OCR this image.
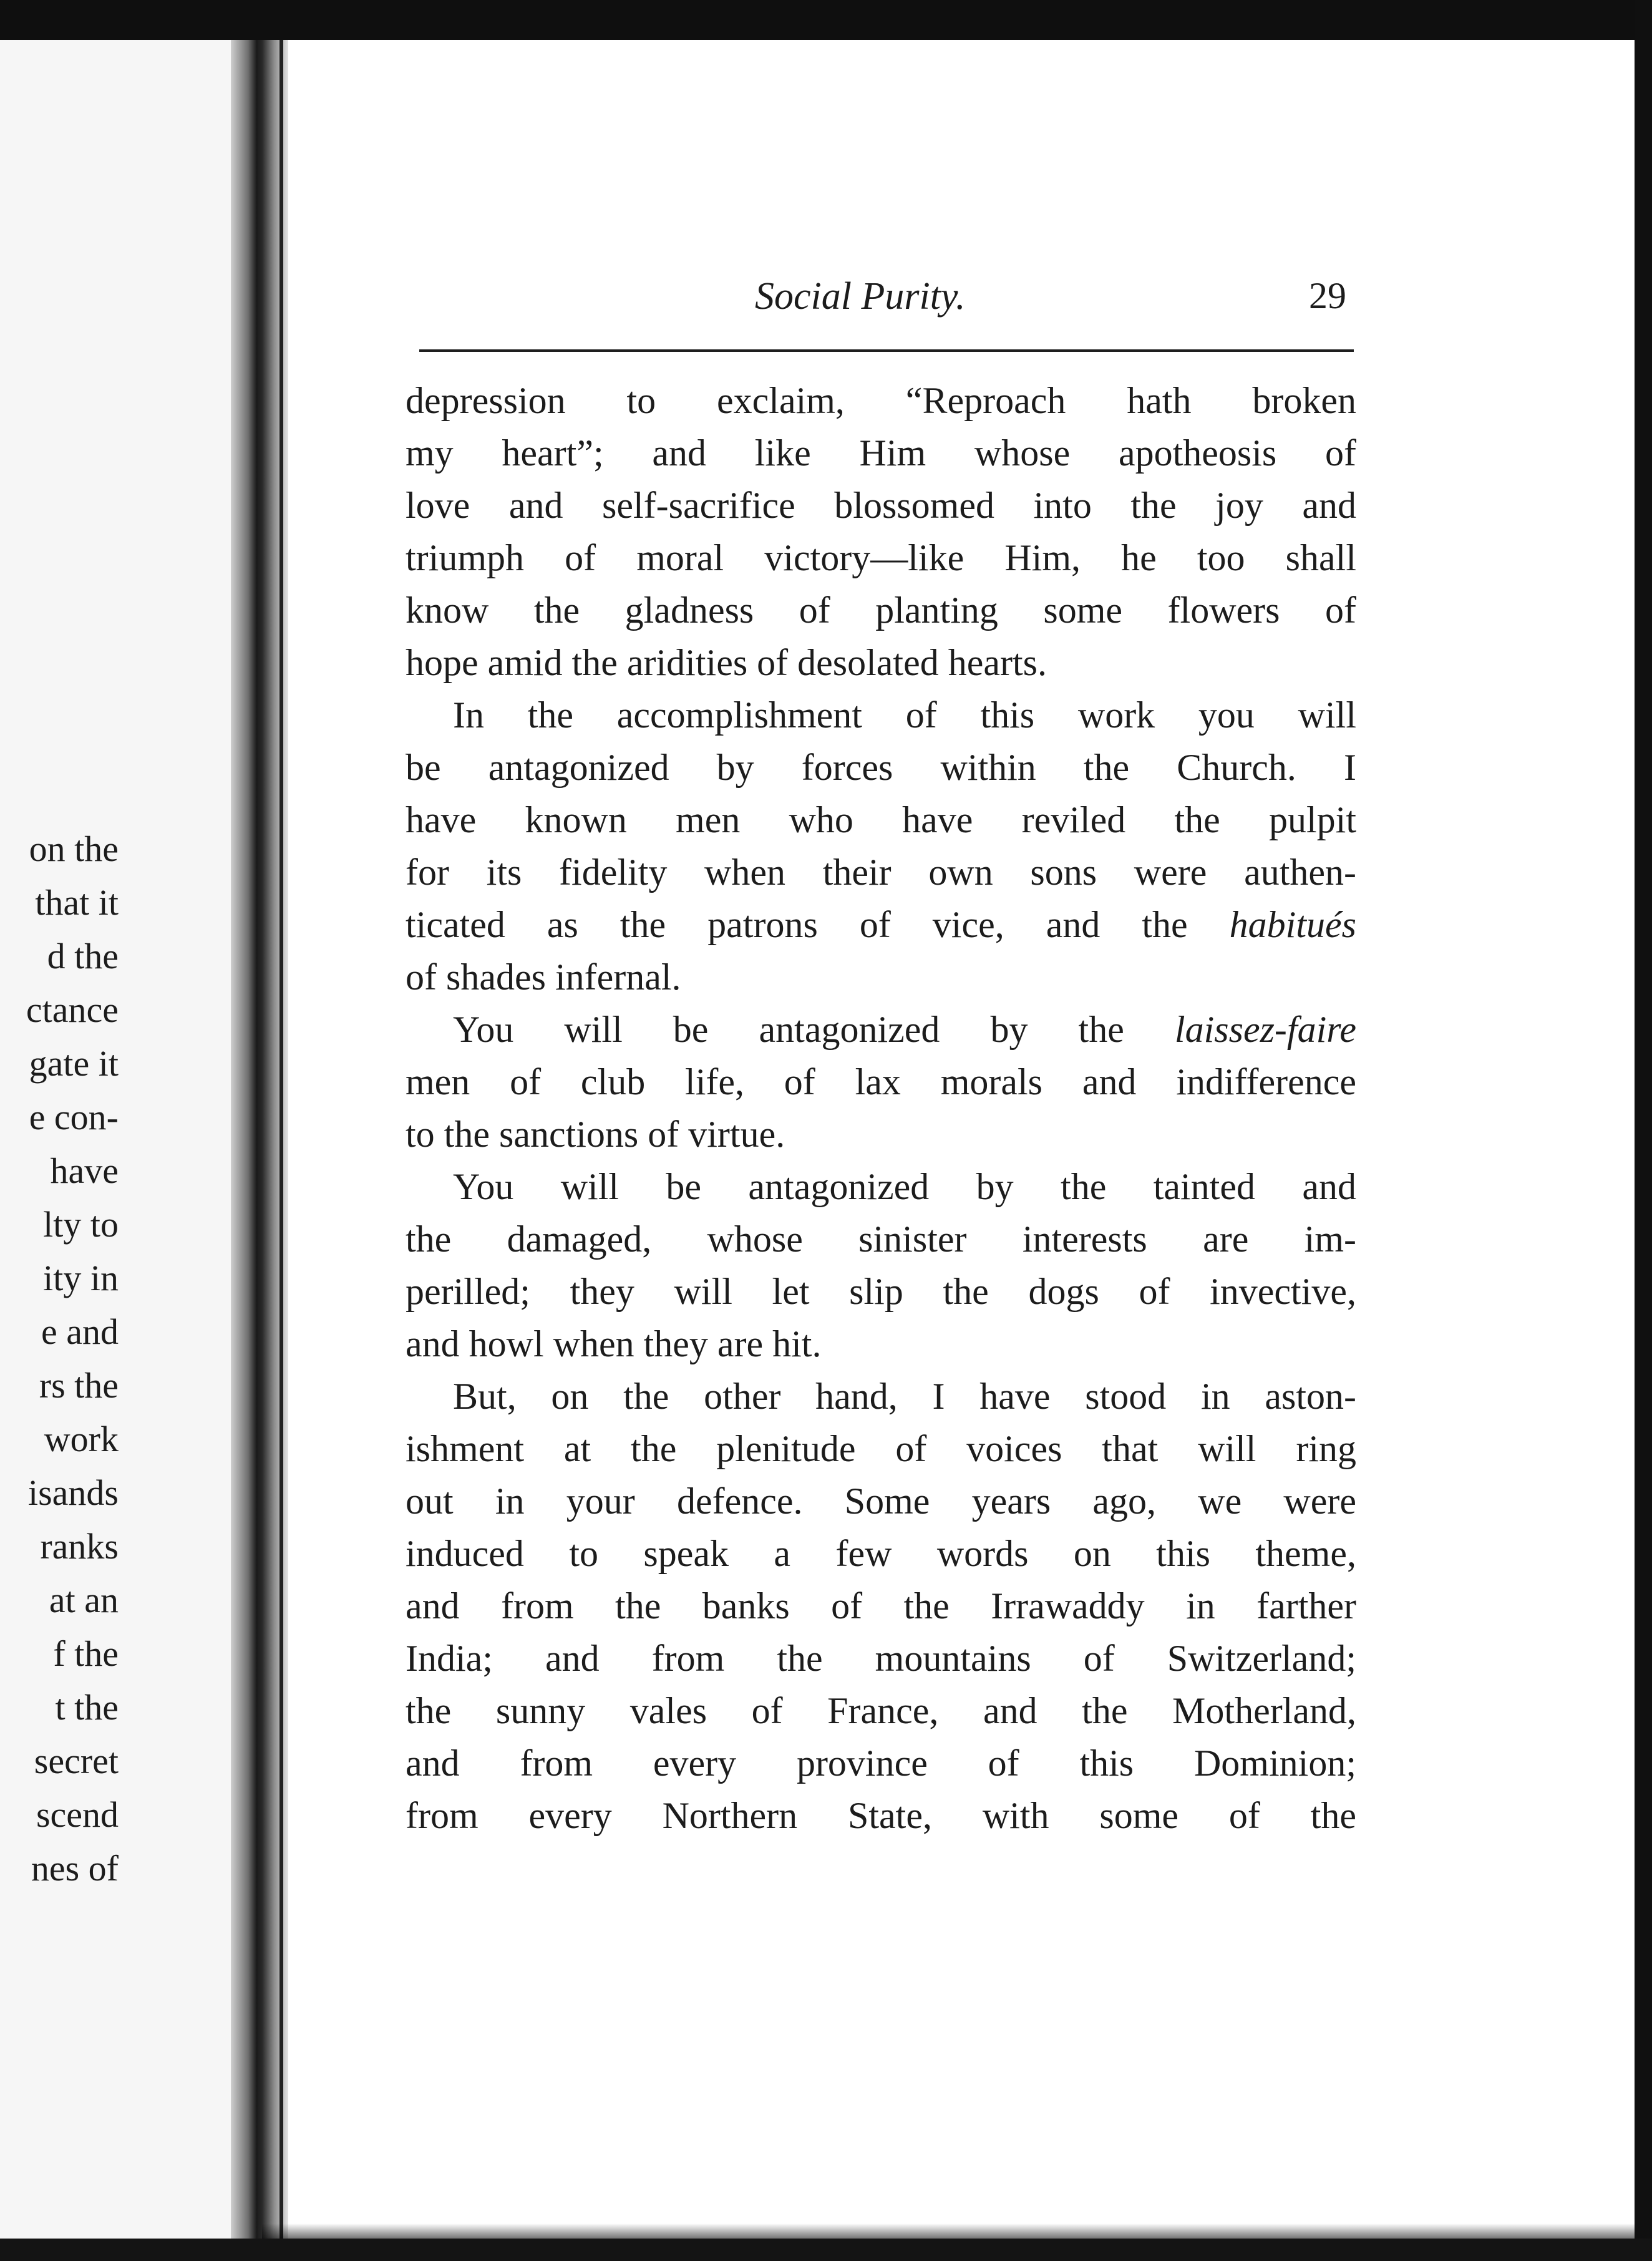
on the
that it
d the
ctance
gate it
e con-
have
lty to
ity in
e and
rs the
work
isands
ranks
at an
f the
t the
secret
scend
nes of
Social Purity.	29
depression to exclaim, “Reproach hath broken
my heart”; and like Him whose apotheosis of
love and self-sacrifice blossomed into the joy and
triumph of moral victory—like Him, he too shall
know the gladness of planting some flowers of
hope amid the aridities of desolated hearts.
In the accomplishment of this work you will
be antagonized by forces within the Church. I
have known men who have reviled the pulpit
for its fidelity when their own sons were authen-
ticated as the patrons of vice, and the habitués
of shades infernal.
You will be antagonized by the laissez-faire
men of club life, of lax morals and indifference
to the sanctions of virtue.
You will be antagonized by the tainted and
the damaged, whose sinister interests are im-
perilled; they will let slip the dogs of invective,
and howl when they are hit.
But, on the other hand, I have stood in aston-
ishment at the plenitude of voices that will ring
out in your defence. Some years ago, we were
induced to speak a few words on this theme,
and from the banks of the Irrawaddy in farther
India; and from the mountains of Switzerland;
the sunny vales of France, and the Motherland,
and from every province of this Dominion;
from every Northern State, with some of the
